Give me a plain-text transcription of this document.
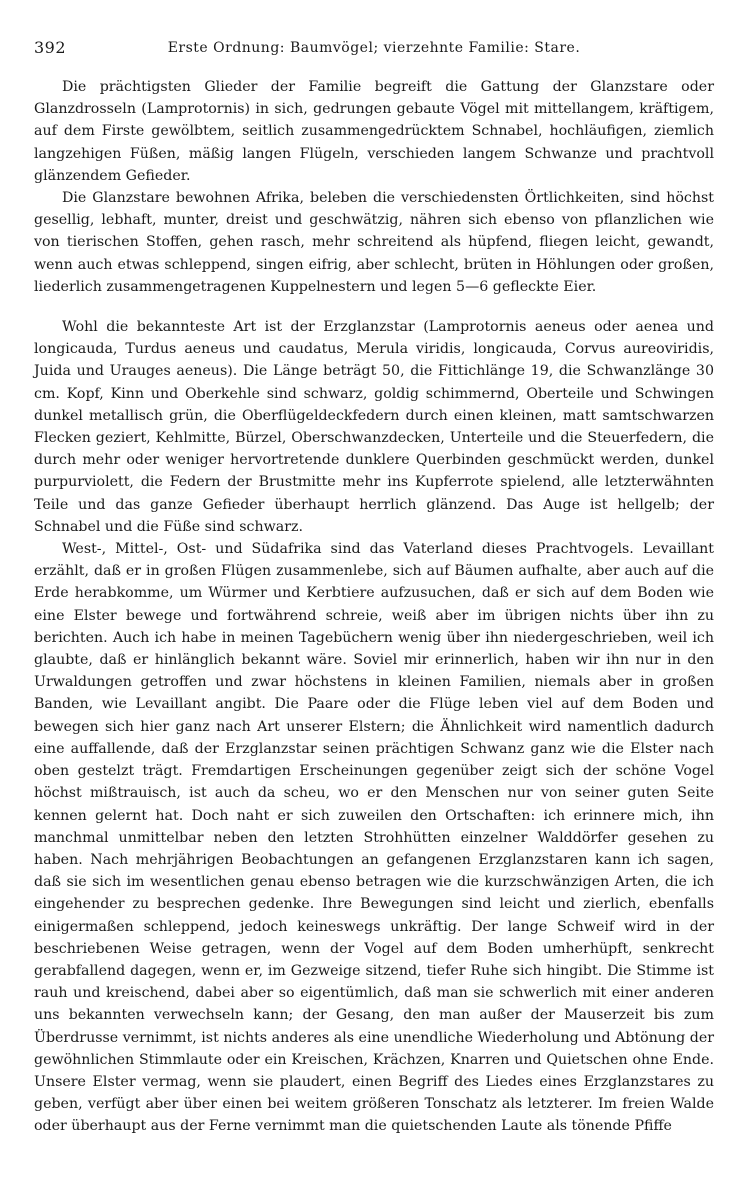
392	Erste Ordnung: Baumvögel; vierzehnte Familie: Stare.

Die prächtigsten Glieder der Familie begreift die Gattung der Glanzstare oder Glanzdrosseln (Lamprotornis) in sich, gedrungen gebaute Vögel mit mittellangem, kräftigem, auf dem Firste gewölbtem, seitlich zusammengedrücktem Schnabel, hochläufigen, ziemlich langzehigen Füßen, mäßig langen Flügeln, verschieden langem Schwanze und prachtvoll glänzendem Gefieder.

Die Glanzstare bewohnen Afrika, beleben die verschiedensten Örtlichkeiten, sind höchst gesellig, lebhaft, munter, dreist und geschwätzig, nähren sich ebenso von pflanzlichen wie von tierischen Stoffen, gehen rasch, mehr schreitend als hüpfend, fliegen leicht, gewandt, wenn auch etwas schleppend, singen eifrig, aber schlecht, brüten in Höhlungen oder großen, liederlich zusammengetragenen Kuppelnestern und legen 5—6 gefleckte Eier.

Wohl die bekannteste Art ist der Erzglanzstar (Lamprotornis aeneus oder aenea und longicauda, Turdus aeneus und caudatus, Merula viridis, longicauda, Corvus aureoviridis, Juida und Urauges aeneus). Die Länge beträgt 50, die Fittichlänge 19, die Schwanzlänge 30 cm. Kopf, Kinn und Oberkehle sind schwarz, goldig schimmernd, Oberteile und Schwingen dunkel metallisch grün, die Oberflügeldeckfedern durch einen kleinen, matt samtschwarzen Flecken geziert, Kehlmitte, Bürzel, Oberschwanzdecken, Unterteile und die Steuerfedern, die durch mehr oder weniger hervortretende dunklere Querbinden geschmückt werden, dunkel purpurviolett, die Federn der Brustmitte mehr ins Kupferrote spielend, alle letzterwähnten Teile und das ganze Gefieder überhaupt herrlich glänzend. Das Auge ist hellgelb; der Schnabel und die Füße sind schwarz.

West-, Mittel-, Ost- und Südafrika sind das Vaterland dieses Prachtvogels. Levaillant erzählt, daß er in großen Flügen zusammenlebe, sich auf Bäumen aufhalte, aber auch auf die Erde herabkomme, um Würmer und Kerbtiere aufzusuchen, daß er sich auf dem Boden wie eine Elster bewege und fortwährend schreie, weiß aber im übrigen nichts über ihn zu berichten. Auch ich habe in meinen Tagebüchern wenig über ihn niedergeschrieben, weil ich glaubte, daß er hinlänglich bekannt wäre. Soviel mir erinnerlich, haben wir ihn nur in den Urwaldungen getroffen und zwar höchstens in kleinen Familien, niemals aber in großen Banden, wie Levaillant angibt. Die Paare oder die Flüge leben viel auf dem Boden und bewegen sich hier ganz nach Art unserer Elstern; die Ähnlichkeit wird namentlich dadurch eine auffallende, daß der Erzglanzstar seinen prächtigen Schwanz ganz wie die Elster nach oben gestelzt trägt. Fremdartigen Erscheinungen gegenüber zeigt sich der schöne Vogel höchst mißtrauisch, ist auch da scheu, wo er den Menschen nur von seiner guten Seite kennen gelernt hat. Doch naht er sich zuweilen den Ortschaften: ich erinnere mich, ihn manchmal unmittelbar neben den letzten Strohhütten einzelner Walddörfer gesehen zu haben. Nach mehrjährigen Beobachtungen an gefangenen Erzglanzstaren kann ich sagen, daß sie sich im wesentlichen genau ebenso betragen wie die kurzschwänzigen Arten, die ich eingehender zu besprechen gedenke. Ihre Bewegungen sind leicht und zierlich, ebenfalls einigermaßen schleppend, jedoch keineswegs unkräftig. Der lange Schweif wird in der beschriebenen Weise getragen, wenn der Vogel auf dem Boden umherhüpft, senkrecht gerabfallend dagegen, wenn er, im Gezweige sitzend, tiefer Ruhe sich hingibt. Die Stimme ist rauh und kreischend, dabei aber so eigentümlich, daß man sie schwerlich mit einer anderen uns bekannten verwechseln kann; der Gesang, den man außer der Mauserzeit bis zum Überdrusse vernimmt, ist nichts anderes als eine unendliche Wiederholung und Abtönung der gewöhnlichen Stimmlaute oder ein Kreischen, Krächzen, Knarren und Quietschen ohne Ende. Unsere Elster vermag, wenn sie plaudert, einen Begriff des Liedes eines Erzglanzstares zu geben, verfügt aber über einen bei weitem größeren Tonschatz als letzterer. Im freien Walde oder überhaupt aus der Ferne vernimmt man die quietschenden Laute als tönende Pfiffe
